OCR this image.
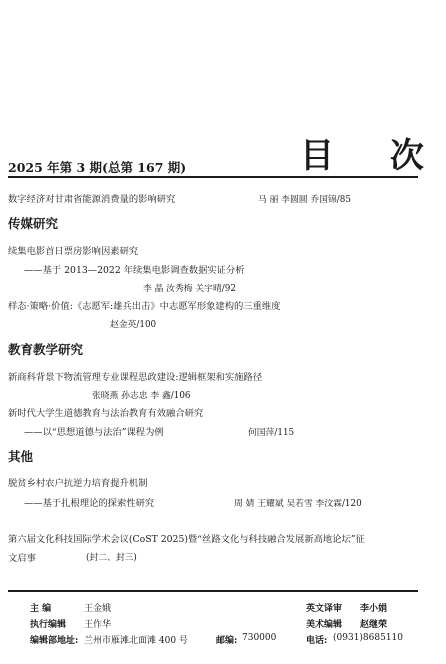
目 次
2025 年第 3 期(总第 167 期)
数字经济对甘肃省能源消费量的影响研究	马 丽 李圆圆 乔国锦/85
传媒研究
续集电影首日票房影响因素研究
——基于 2013—2022 年续集电影调查数据实证分析
李 晶 汝秀梅 关宇晴/92
样态·策略·价值:《志愿军:雄兵出击》中志愿军形象建构的三重维度
赵金英/100
教育教学研究
新商科背景下物流管理专业课程思政建设:逻辑框架和实施路径
张晓燕 孙志忠 李 鑫/106
新时代大学生道德教育与法治教育有效融合研究
——以“思想道德与法治”课程为例	何国萍/115
其他
脱贫乡村农户抗逆力培育提升机制
——基于扎根理论的探索性研究	周 婧 王耀斌 吴若雪 李汶霖/120
第六届文化科技国际学术会议(CoST 2025)暨“丝路文化与科技融合发展新高地论坛”征
文启事	(封二、封三)
主 编	王金娥
执行编辑 王作华
编辑部地址: 兰州市雁滩北面滩 400 号	邮编: 730000
英文译审 李小娟
美术编辑 赵继荣
电话: (0931)8685110
